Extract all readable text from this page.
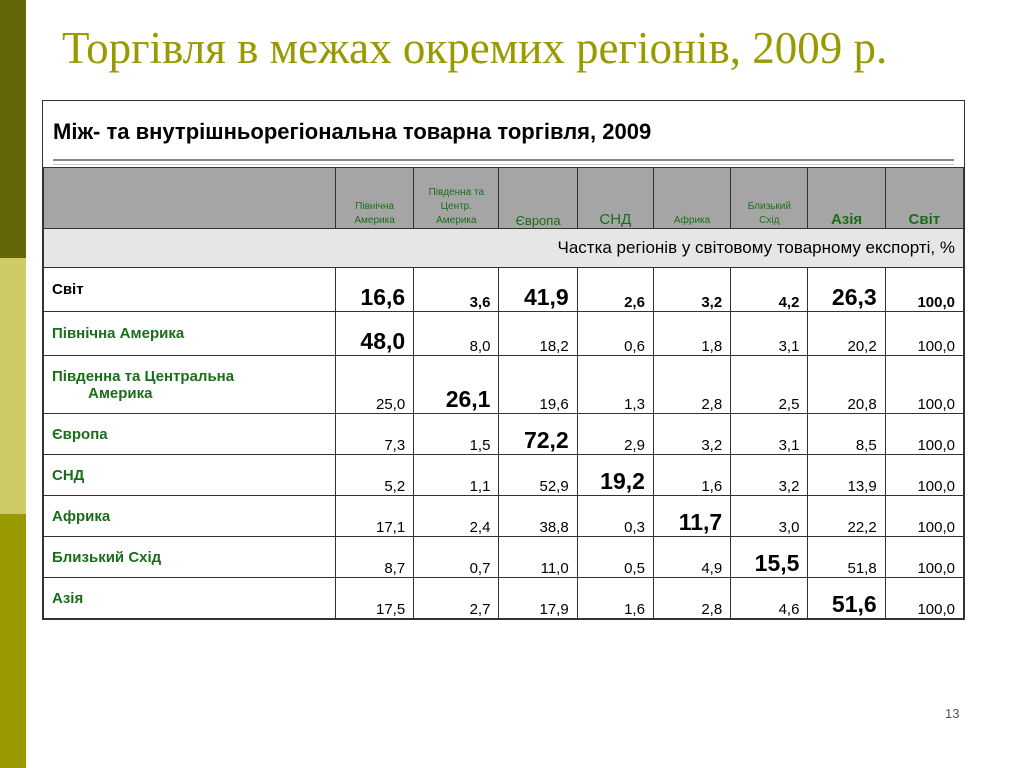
Торгівля в межах окремих регіонів, 2009 р.
Між- та внутрішньорегіональна товарна торгівля, 2009
	Північна Америка	Південна та Центр. Америка	Європа	СНД	Африка	Близький Схід	Азія	Світ
Частка регіонів у світовому товарному експорті, %								
Світ	16,6	3,6	41,9	2,6	3,2	4,2	26,3	100,0
Північна Америка	48,0	8,0	18,2	0,6	1,8	3,1	20,2	100,0
Південна та Центральна
Америка	25,0	26,1	19,6	1,3	2,8	2,5	20,8	100,0
Європа	7,3	1,5	72,2	2,9	3,2	3,1	8,5	100,0
СНД	5,2	1,1	52,9	19,2	1,6	3,2	13,9	100,0
Африка	17,1	2,4	38,8	0,3	11,7	3,0	22,2	100,0
Близький Схід	8,7	0,7	11,0	0,5	4,9	15,5	51,8	100,0
Азія	17,5	2,7	17,9	1,6	2,8	4,6	51,6	100,0
13
